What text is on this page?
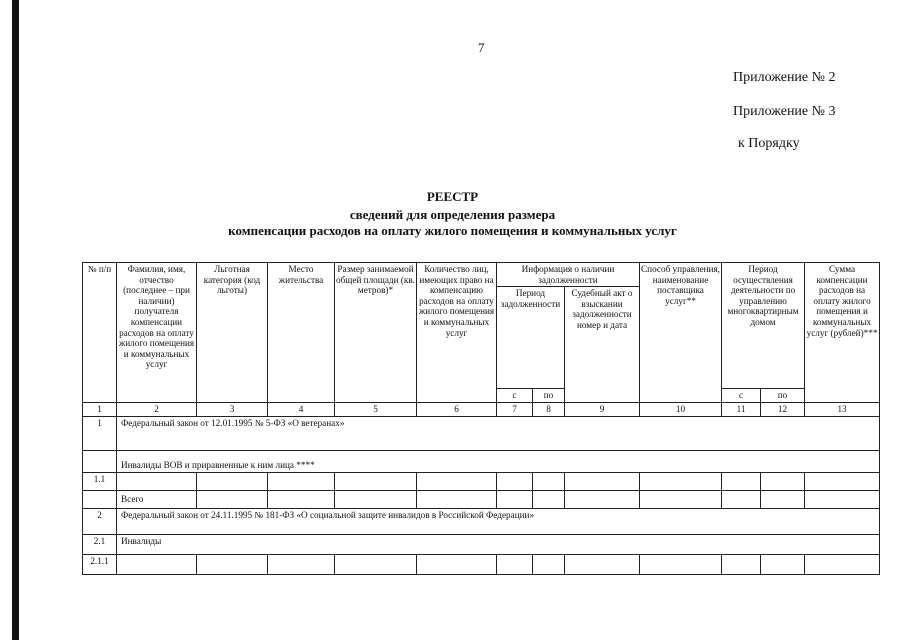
7
Приложение № 2
Приложение № 3
к Порядку
РЕЕСТР
сведений для определения размера
компенсации расходов на оплату жилого помещения и коммунальных услуг
№ п/п	Фамилия, имя, отчество (последнее – при наличии) получателя компенсации расходов на оплату жилого помещения и коммунальных услуг	Льготная категория (код льготы)	Место жительства	Размер занимаемой общей площади (кв. метров)*	Количество лиц, имеющих право на компенсацию расходов на оплату жилого помещения и коммунальных услуг	Информация о наличии задолженности			Способ управления, наименование поставщика услуг**	Период осуществления деятельности по управлению многоквартирным домом		Сумма компенсации расходов на оплату жилого помещения и коммунальных услуг (рублей)***
						Период задолженности		Судебный акт о взыскании задолженности номер и дата				
						с	по			с	по	
1	2	3	4	5	6	7	8	9	10	11	12	13
1	Федеральный закон от 12.01.1995 № 5-ФЗ «О ветеранах»											
	Инвалиды ВОВ и приравненные к ним лица ****											
1.1												
	Всего											
2	Федеральный закон от 24.11.1995 № 181-ФЗ «О социальной защите инвалидов в Российской Федерации»											
2.1	Инвалиды											
2.1.1												
